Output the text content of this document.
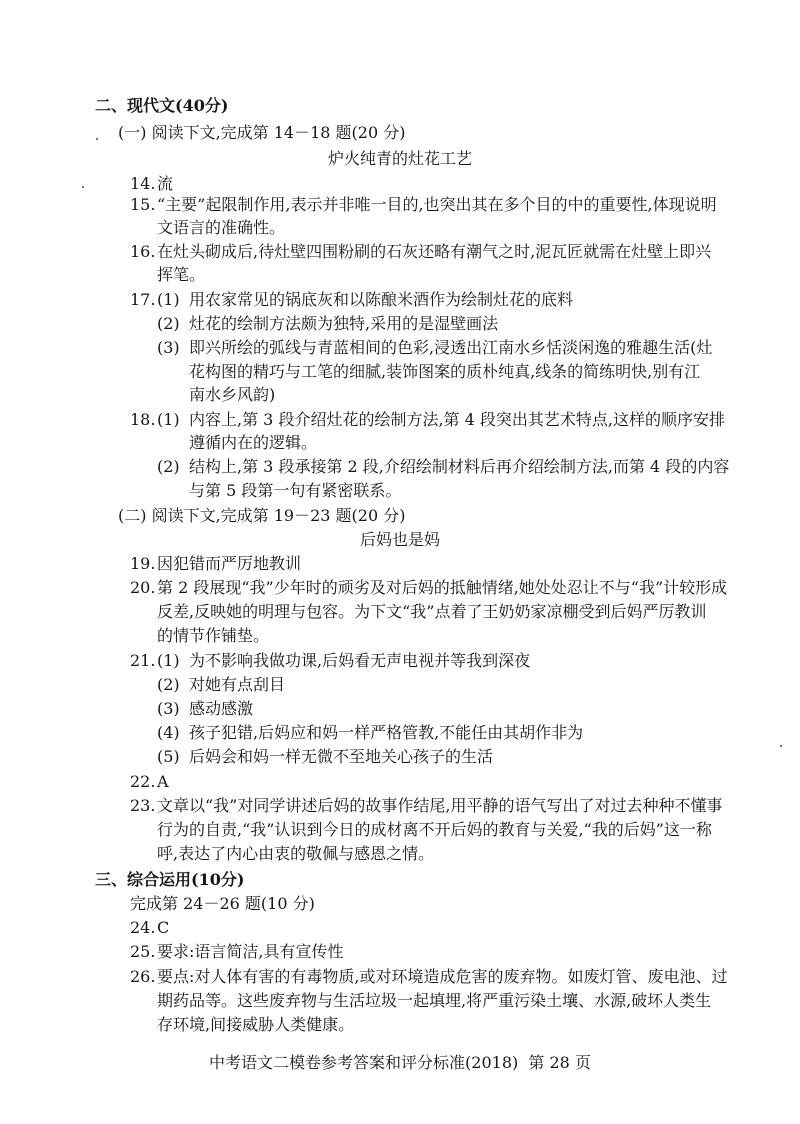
二、现代文(40分)
(一) 阅读下文,完成第 14－18 题(20 分)
炉火纯青的灶花工艺
14. 流
15. “主要”起限制作用,表示并非唯一目的,也突出其在多个目的中的重要性,体现说明
文语言的准确性。
16. 在灶头砌成后,待灶壁四围粉刷的石灰还略有潮气之时,泥瓦匠就需在灶壁上即兴
挥笔。
17. (1) 用农家常见的锅底灰和以陈酿米酒作为绘制灶花的底料
(2) 灶花的绘制方法颇为独特,采用的是湿壁画法
(3) 即兴所绘的弧线与青蓝相间的色彩,浸透出江南水乡恬淡闲逸的雅趣生活(灶
花构图的精巧与工笔的细腻,装饰图案的质朴纯真,线条的简练明快,别有江
南水乡风韵)
18. (1) 内容上,第 3 段介绍灶花的绘制方法,第 4 段突出其艺术特点,这样的顺序安排
遵循内在的逻辑。
(2) 结构上,第 3 段承接第 2 段,介绍绘制材料后再介绍绘制方法,而第 4 段的内容
与第 5 段第一句有紧密联系。
(二) 阅读下文,完成第 19－23 题(20 分)
后妈也是妈
19. 因犯错而严厉地教训
20. 第 2 段展现“我”少年时的顽劣及对后妈的抵触情绪,她处处忍让不与“我”计较形成
反差,反映她的明理与包容。为下文“我”点着了王奶奶家凉棚受到后妈严厉教训
的情节作铺垫。
21. (1) 为不影响我做功课,后妈看无声电视并等我到深夜
(2) 对她有点刮目
(3) 感动感激
(4) 孩子犯错,后妈应和妈一样严格管教,不能任由其胡作非为
(5) 后妈会和妈一样无微不至地关心孩子的生活
22. A
23. 文章以“我”对同学讲述后妈的故事作结尾,用平静的语气写出了对过去种种不懂事
行为的自责,“我”认识到今日的成材离不开后妈的教育与关爱,“我的后妈”这一称
呼,表达了内心由衷的敬佩与感恩之情。
三、综合运用(10分)
完成第 24－26 题(10 分)
24. C
25. 要求:语言简洁,具有宣传性
26. 要点:对人体有害的有毒物质,或对环境造成危害的废弃物。如废灯管、废电池、过
期药品等。这些废弃物与生活垃圾一起填埋,将严重污染土壤、水源,破坏人类生
存环境,间接威胁人类健康。
中考语文二模卷参考答案和评分标准(2018)  第 28 页
